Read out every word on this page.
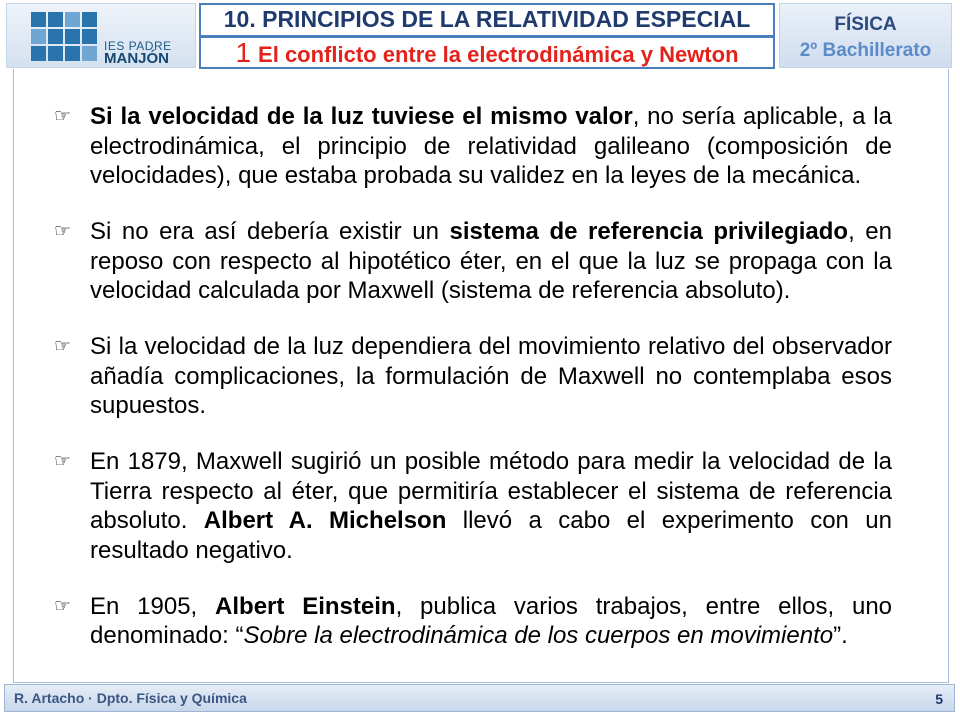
IES PADRE
MANJÓN
10. PRINCIPIOS DE LA RELATIVIDAD ESPECIAL
1 El conflicto entre la electrodinámica y Newton
FÍSICA
2º Bachillerato
☞
Si la velocidad de la luz tuviese el mismo valor, no sería aplicable, a la electrodinámica, el principio de relatividad galileano (composición de velocidades), que estaba probada su validez en la leyes de la mecánica.
☞
Si no era así debería existir un sistema de referencia privilegiado, en reposo con respecto al hipotético éter, en el que la luz se propaga con la velocidad calculada por Maxwell (sistema de referencia absoluto).
☞
Si la velocidad de la luz dependiera del movimiento relativo del observador añadía complicaciones, la formulación de Maxwell no contemplaba esos supuestos.
☞
En 1879, Maxwell sugirió un posible método para medir la velocidad de la Tierra respecto al éter, que permitiría establecer el sistema de referencia absoluto. Albert A. Michelson llevó a cabo el experimento con un resultado negativo.
☞
En 1905, Albert Einstein, publica varios trabajos, entre ellos, uno denominado: “Sobre la electrodinámica de los cuerpos en movimiento”.
R. Artacho · Dpto. Física y Química	5
